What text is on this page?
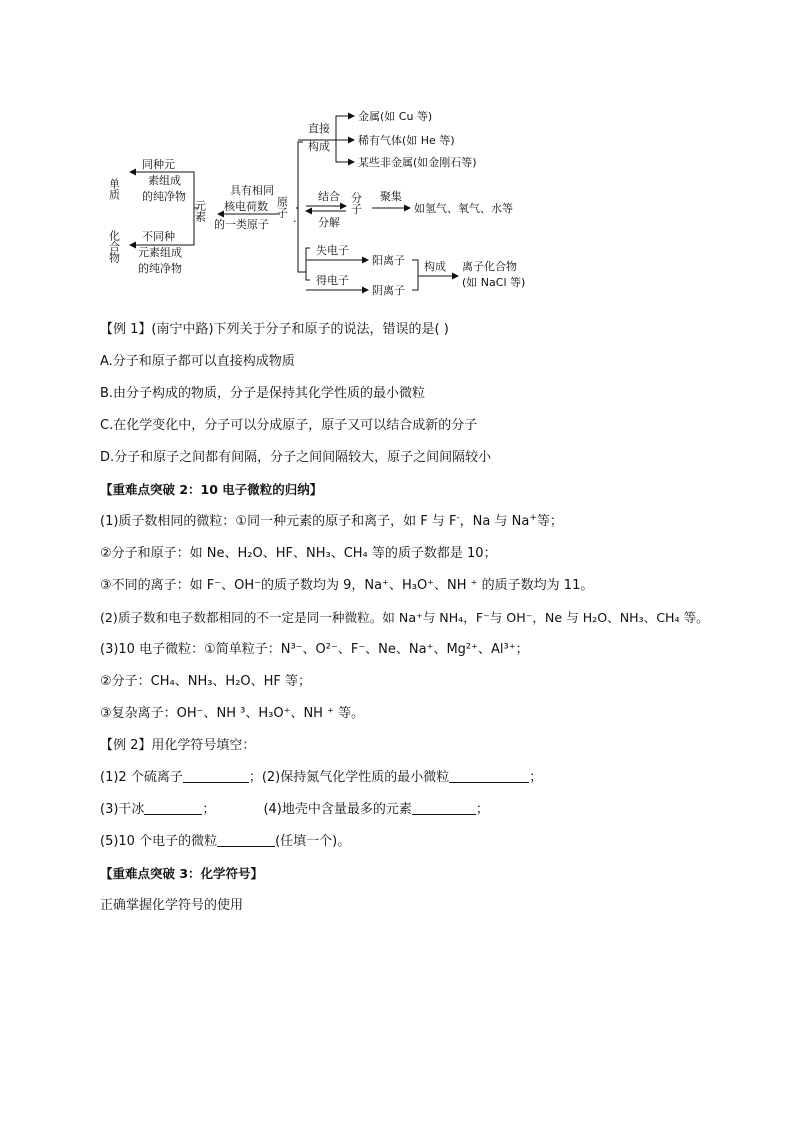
单质
同种元
素组成
的纯净物
化合物 不同种
元素组成
的纯净物
元素
具有相同
核电荷数
的一类原子
原子
.
直接
构成
金属(如 Cu 等)
稀有气体(如 He 等)
某些非金属(如金刚石等)
结合
分解
分子 聚集
如氢气、氧气、水等
失电子
得电子
阳离子
阴离子
构成 离子化合物
(如 NaCl 等)

【例 1】(南宁中路)下列关于分子和原子的说法，错误的是( )

A.分子和原子都可以直接构成物质

B.由分子构成的物质，分子是保持其化学性质的最小微粒

C.在化学变化中，分子可以分成原子，原子又可以结合成新的分子

D.分子和原子之间都有间隔，分子之间间隔较大，原子之间间隔较小

【重难点突破 2：10 电子微粒的归纳】

(1)质子数相同的微粒：①同一种元素的原子和离子，如 F 与 F-，Na 与 Na+等；

②分子和原子：如 Ne、H₂O、HF、NH₃、CH₄ 等的质子数都是 10；

③不同的离子：如 F⁻、OH⁻的质子数均为 9，Na⁺、H₃O⁺、NH ⁺ 的质子数均为 11。

(2)质子数和电子数都相同的不一定是同一种微粒。如 Na⁺与 NH₄，F⁻与 OH⁻，Ne 与 H₂O、NH₃、CH₄ 等。

(3)10 电子微粒：①简单粒子：N³⁻、O²⁻、F⁻、Ne、Na⁺、Mg²⁺、Al³⁺；

②分子：CH₄、NH₃、H₂O、HF 等；

③复杂离子：OH⁻、NH ³、H₃O⁺、NH ⁺ 等。

【例 2】用化学符号填空：

(1)2 个硫离子	；(2)保持氮气化学性质的最小微粒	；

(3)干冰	；	(4)地壳中含量最多的元素	；

(5)10 个电子的微粒	(任填一个)。

【重难点突破 3：化学符号】

正确掌握化学符号的使用
